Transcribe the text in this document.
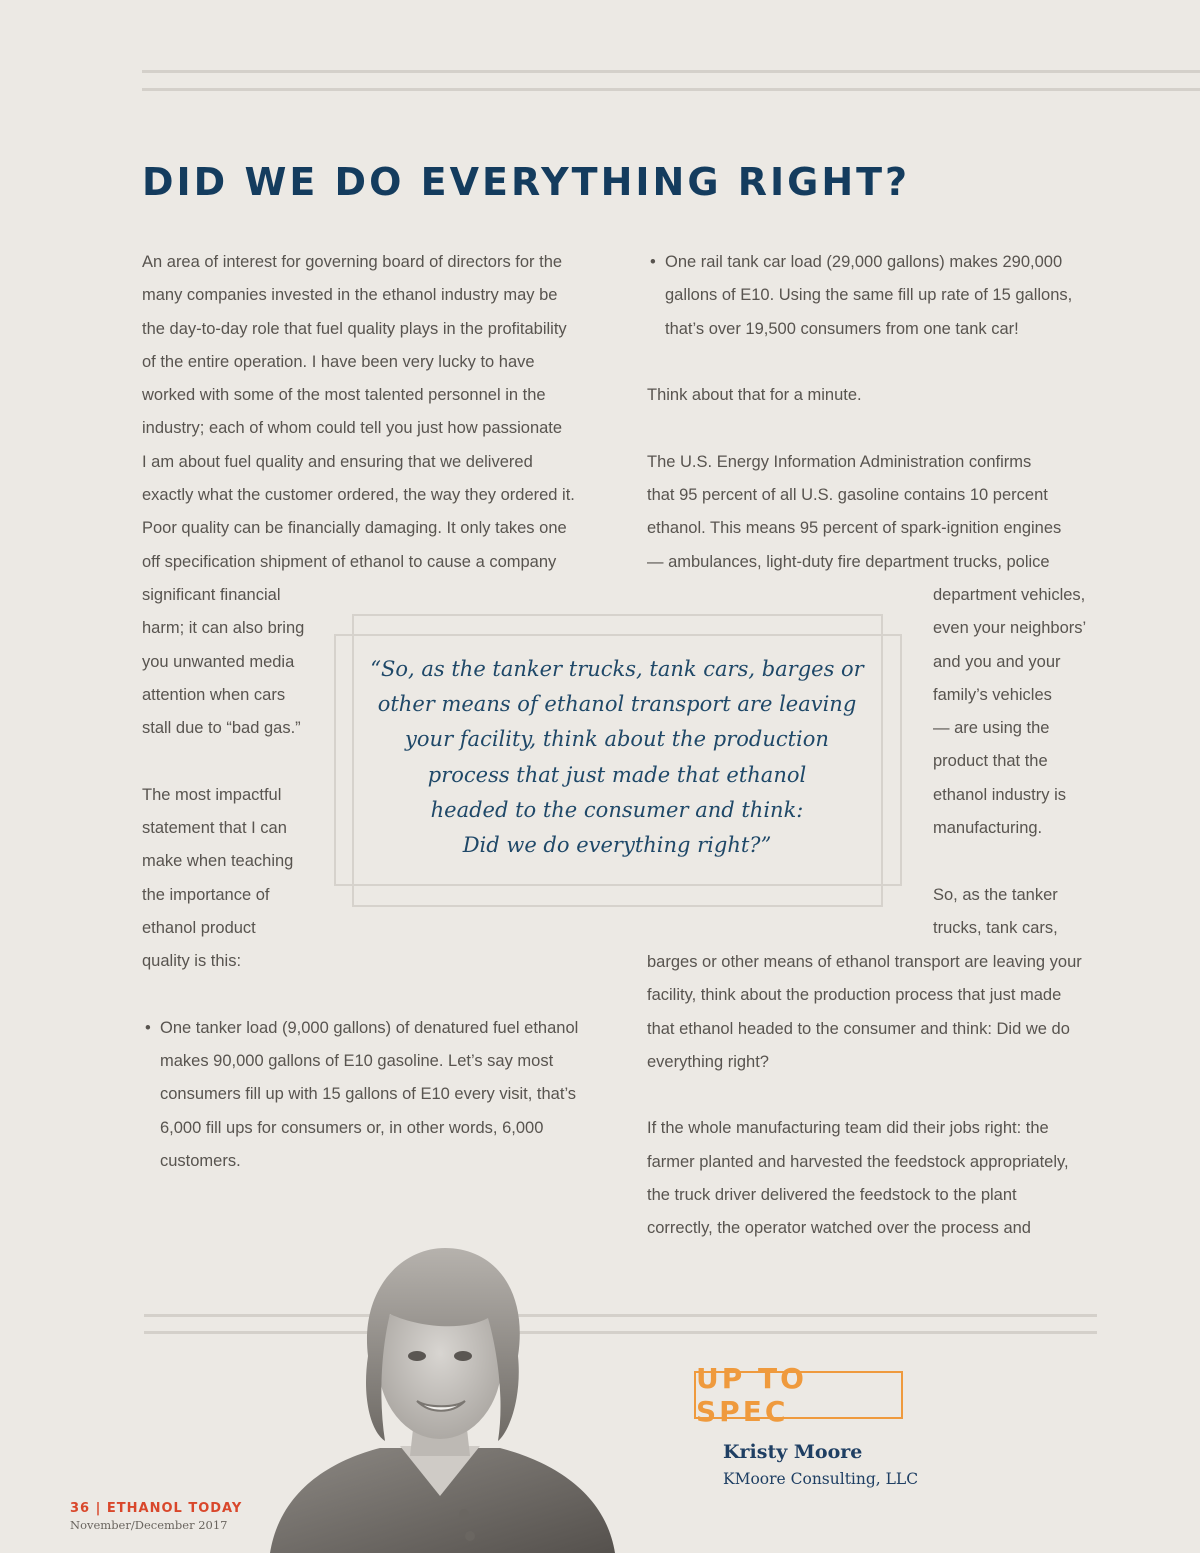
DID WE DO EVERYTHING RIGHT?
An area of interest for governing board of directors for the
many companies invested in the ethanol industry may be
the day-to-day role that fuel quality plays in the profitability
of the entire operation. I have been very lucky to have
worked with some of the most talented personnel in the
industry; each of whom could tell you just how passionate
I am about fuel quality and ensuring that we delivered
exactly what the customer ordered, the way they ordered it.
Poor quality can be financially damaging. It only takes one
off specification shipment of ethanol to cause a company
significant financial
harm; it can also bring
you unwanted media
attention when cars
stall due to “bad gas.”
The most impactful
statement that I can
make when teaching
the importance of
ethanol product
quality is this:
• One tanker load (9,000 gallons) of denatured fuel ethanol
makes 90,000 gallons of E10 gasoline. Let’s say most
consumers fill up with 15 gallons of E10 every visit, that’s
6,000 fill ups for consumers or, in other words, 6,000
customers.
• One rail tank car load (29,000 gallons) makes 290,000
gallons of E10. Using the same fill up rate of 15 gallons,
that’s over 19,500 consumers from one tank car!
Think about that for a minute.
The U.S. Energy Information Administration confirms
that 95 percent of all U.S. gasoline contains 10 percent
ethanol. This means 95 percent of spark-ignition engines
— ambulances, light-duty fire department trucks, police
department vehicles,
even your neighbors’
and you and your
family’s vehicles
— are using the
product that the
ethanol industry is
manufacturing.
So, as the tanker
trucks, tank cars,
barges or other means of ethanol transport are leaving your
facility, think about the production process that just made
that ethanol headed to the consumer and think: Did we do
everything right?
If the whole manufacturing team did their jobs right: the
farmer planted and harvested the feedstock appropriately,
the truck driver delivered the feedstock to the plant
correctly, the operator watched over the process and
“So, as the tanker trucks, tank cars, barges or
other means of ethanol transport are leaving
your facility, think about the production
process that just made that ethanol
headed to the consumer and think:
Did we do everything right?”
UP TO SPEC
Kristy Moore
KMoore Consulting, LLC
36 | ETHANOL TODAY
November/December 2017
